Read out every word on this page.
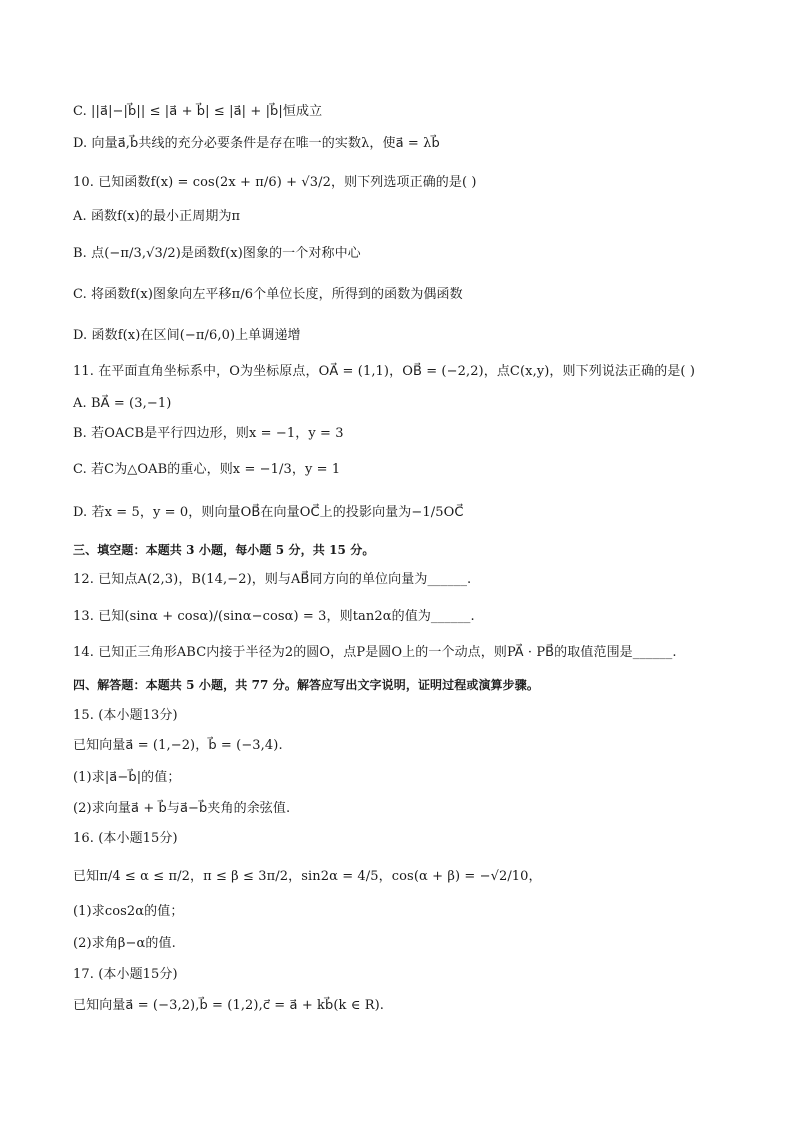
C. ||a⃗|−|b⃗|| ≤ |a⃗ + b⃗| ≤ |a⃗| + |b⃗|恒成立
D. 向量a⃗,b⃗共线的充分必要条件是存在唯一的实数λ，使a⃗ = λb⃗
10. 已知函数f(x) = cos(2x + π/6) + √3/2，则下列选项正确的是( )
A. 函数f(x)的最小正周期为π
B. 点(−π/3,√3/2)是函数f(x)图象的一个对称中心
C. 将函数f(x)图象向左平移π/6个单位长度，所得到的函数为偶函数
D. 函数f(x)在区间(−π/6,0)上单调递增
11. 在平面直角坐标系中，O为坐标原点，OA⃗ = (1,1)，OB⃗ = (−2,2)，点C(x,y)，则下列说法正确的是( )
A. BA⃗ = (3,−1)
B. 若OACB是平行四边形，则x = −1，y = 3
C. 若C为△OAB的重心，则x = −1/3，y = 1
D. 若x = 5，y = 0，则向量OB⃗在向量OC⃗上的投影向量为−1/5OC⃗
三、填空题：本题共 3 小题，每小题 5 分，共 15 分。
12. 已知点A(2,3)，B(14,−2)，则与AB⃗同方向的单位向量为______.
13. 已知(sinα + cosα)/(sinα−cosα) = 3，则tan2α的值为______.
14. 已知正三角形ABC内接于半径为2的圆O，点P是圆O上的一个动点，则PA⃗ · PB⃗的取值范围是______.
四、解答题：本题共 5 小题，共 77 分。解答应写出文字说明，证明过程或演算步骤。
15. (本小题13分)
已知向量a⃗ = (1,−2)，b⃗ = (−3,4).
(1)求|a⃗−b⃗|的值；
(2)求向量a⃗ + b⃗与a⃗−b⃗夹角的余弦值.
16. (本小题15分)
已知π/4 ≤ α ≤ π/2，π ≤ β ≤ 3π/2，sin2α = 4/5，cos(α + β) = −√2/10，
(1)求cos2α的值；
(2)求角β−α的值.
17. (本小题15分)
已知向量a⃗ = (−3,2),b⃗ = (1,2),c⃗ = a⃗ + kb⃗(k ∈ R).
